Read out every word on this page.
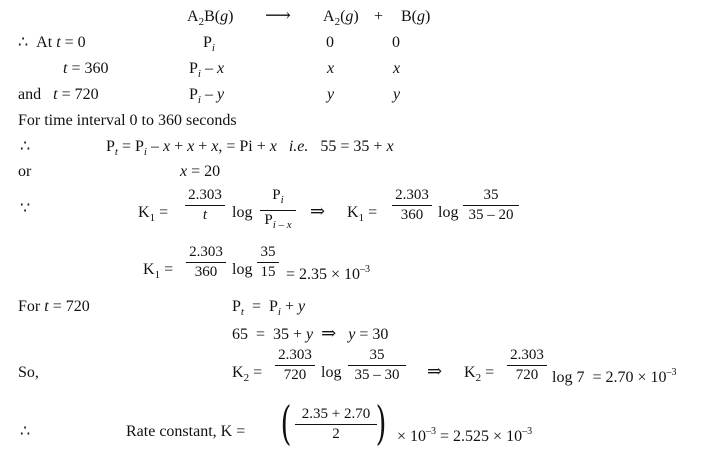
$A_2B(g)$ ⟶ $A_2(g) + B(g)$
∴  At t = 0	$P_i$	0	0
t = 360	$P_i$ – x	x	x
and   t = 720	$P_i$ – y	y	y
For time interval 0 to 360 seconds
∴	$P_t = P_i - x + x + x$, = Pi + x i.e.   55 = 35 + x
or	x = 20
∵	$K_1$ =
2.303
t	log
$P_i$
$P_{i - x}$
⇒ $K_1$ =
2.303
360 log
35
35 – 20
$K_1$ =
2.303
360 log
35
$15 = 2.35 \times 10^{-3}$
For t = 720	$P_t = P_i + y$
65  =  35 + y ⇒ y = 30
So,	$K_2$ =
2.303
720 log
35
35 – 30	⇒ $K_2$ =
2.303
720 $\log 7 = 2.70 \times 10^{-3}$
∴	Rate constant, K = ( 2.35 + 2.70
2 ) × $10^{-3} = 2.525 \times 10^{-3}$
